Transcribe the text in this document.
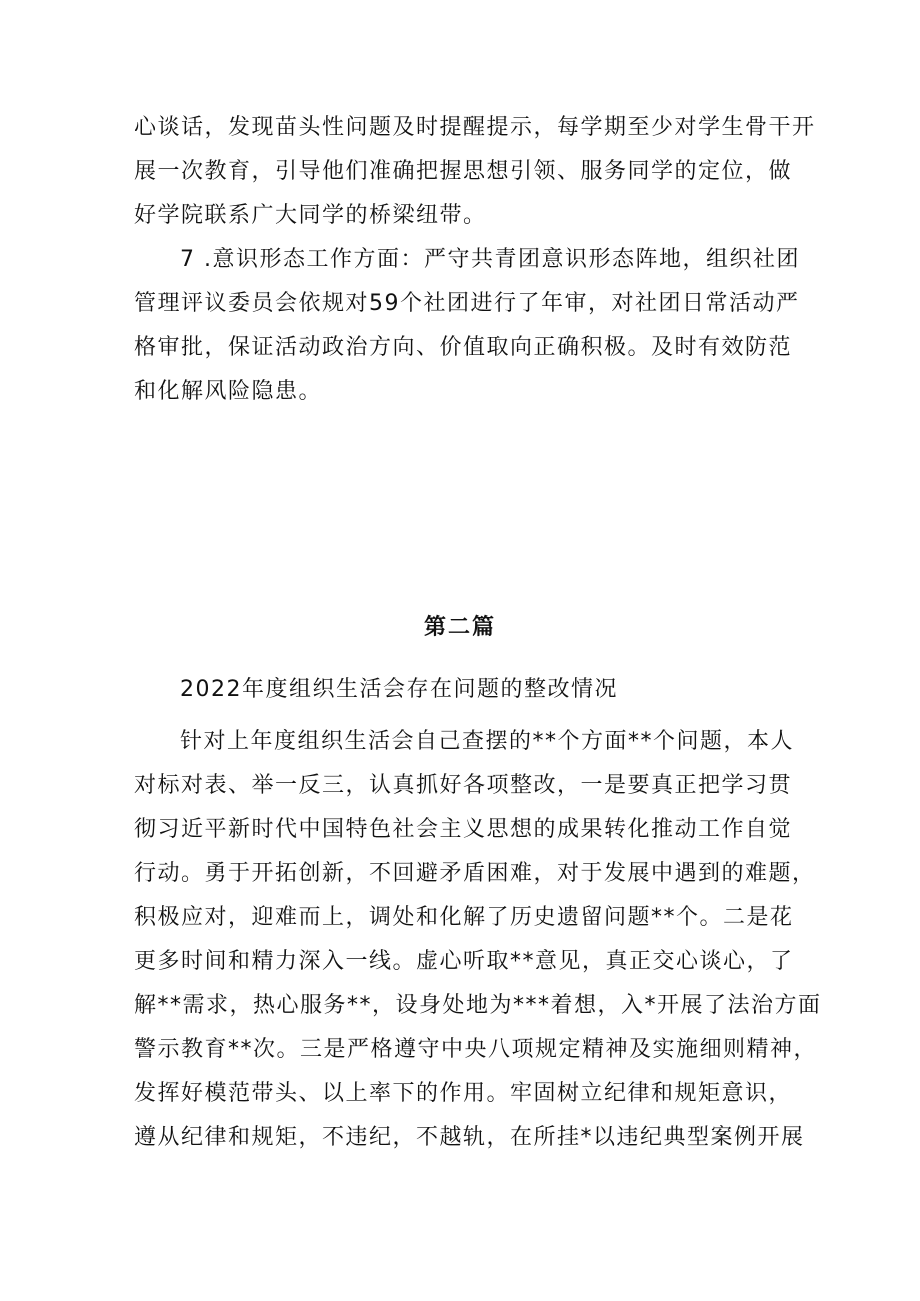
心谈话，发现苗头性问题及时提醒提示，每学期至少对学生骨干开
展一次教育，引导他们准确把握思想引领、服务同学的定位，做
好学院联系广大同学的桥梁纽带。
7 .意识形态工作方面：严守共青团意识形态阵地，组织社团
管理评议委员会依规对59个社团进行了年审，对社团日常活动严
格审批，保证活动政治方向、价值取向正确积极。及时有效防范
和化解风险隐患。
第二篇
2022年度组织生活会存在问题的整改情况
针对上年度组织生活会自己查摆的**个方面**个问题，本人
对标对表、举一反三，认真抓好各项整改，一是要真正把学习贯
彻习近平新时代中国特色社会主义思想的成果转化推动工作自觉
行动。勇于开拓创新，不回避矛盾困难，对于发展中遇到的难题，
积极应对，迎难而上，调处和化解了历史遗留问题**个。二是花
更多时间和精力深入一线。虚心听取**意见，真正交心谈心，了
解**需求，热心服务**，设身处地为***着想，入*开展了法治方面
警示教育**次。三是严格遵守中央八项规定精神及实施细则精神，
发挥好模范带头、以上率下的作用。牢固树立纪律和规矩意识，
遵从纪律和规矩，不违纪，不越轨，在所挂*以违纪典型案例开展
